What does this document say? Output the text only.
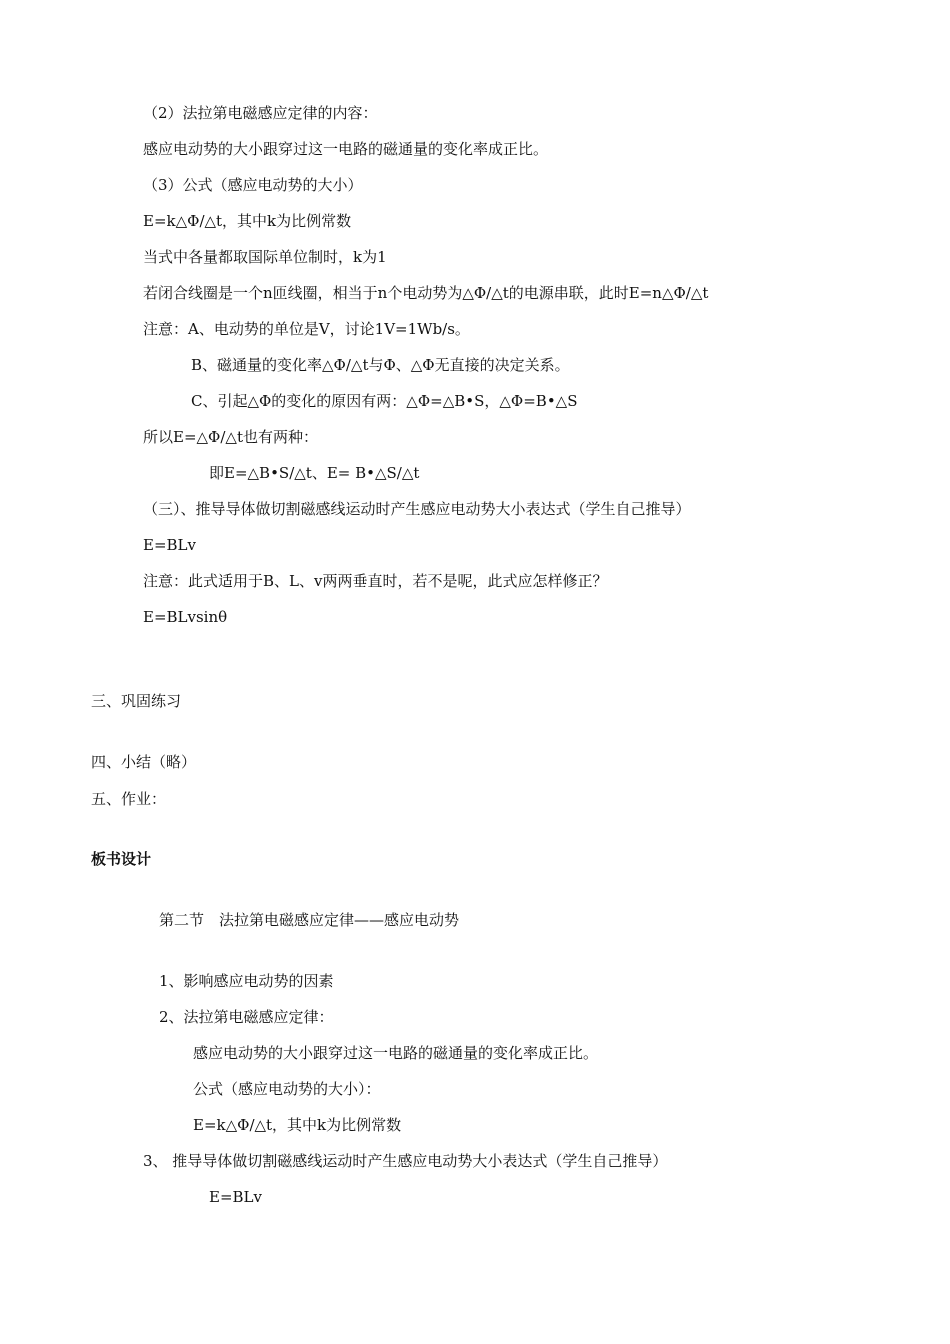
（2）法拉第电磁感应定律的内容：
感应电动势的大小跟穿过这一电路的磁通量的变化率成正比。
（3）公式（感应电动势的大小）
E=k△Φ/△t，其中k为比例常数
当式中各量都取国际单位制时，k为1
若闭合线圈是一个n匝线圈，相当于n个电动势为△Φ/△t的电源串联，此时E=n△Φ/△t
注意：A、电动势的单位是V，讨论1V=1Wb/s。
B、磁通量的变化率△Φ/△t与Φ、△Φ无直接的决定关系。
C、引起△Φ的变化的原因有两：△Φ=△B•S，△Φ=B•△S
所以E=△Φ/△t也有两种：
即E=△B•S/△t、E= B•△S/△t
（三）、推导导体做切割磁感线运动时产生感应电动势大小表达式（学生自己推导）
E=BLv
注意：此式适用于B、L、v两两垂直时，若不是呢，此式应怎样修正？
E=BLvsinθ
三、巩固练习
四、小结（略）
五、作业：
板书设计
第二节　法拉第电磁感应定律——感应电动势
1、影响感应电动势的因素
2、法拉第电磁感应定律：
感应电动势的大小跟穿过这一电路的磁通量的变化率成正比。
公式（感应电动势的大小）：
E=k△Φ/△t，其中k为比例常数
3、 推导导体做切割磁感线运动时产生感应电动势大小表达式（学生自己推导）
E=BLv
